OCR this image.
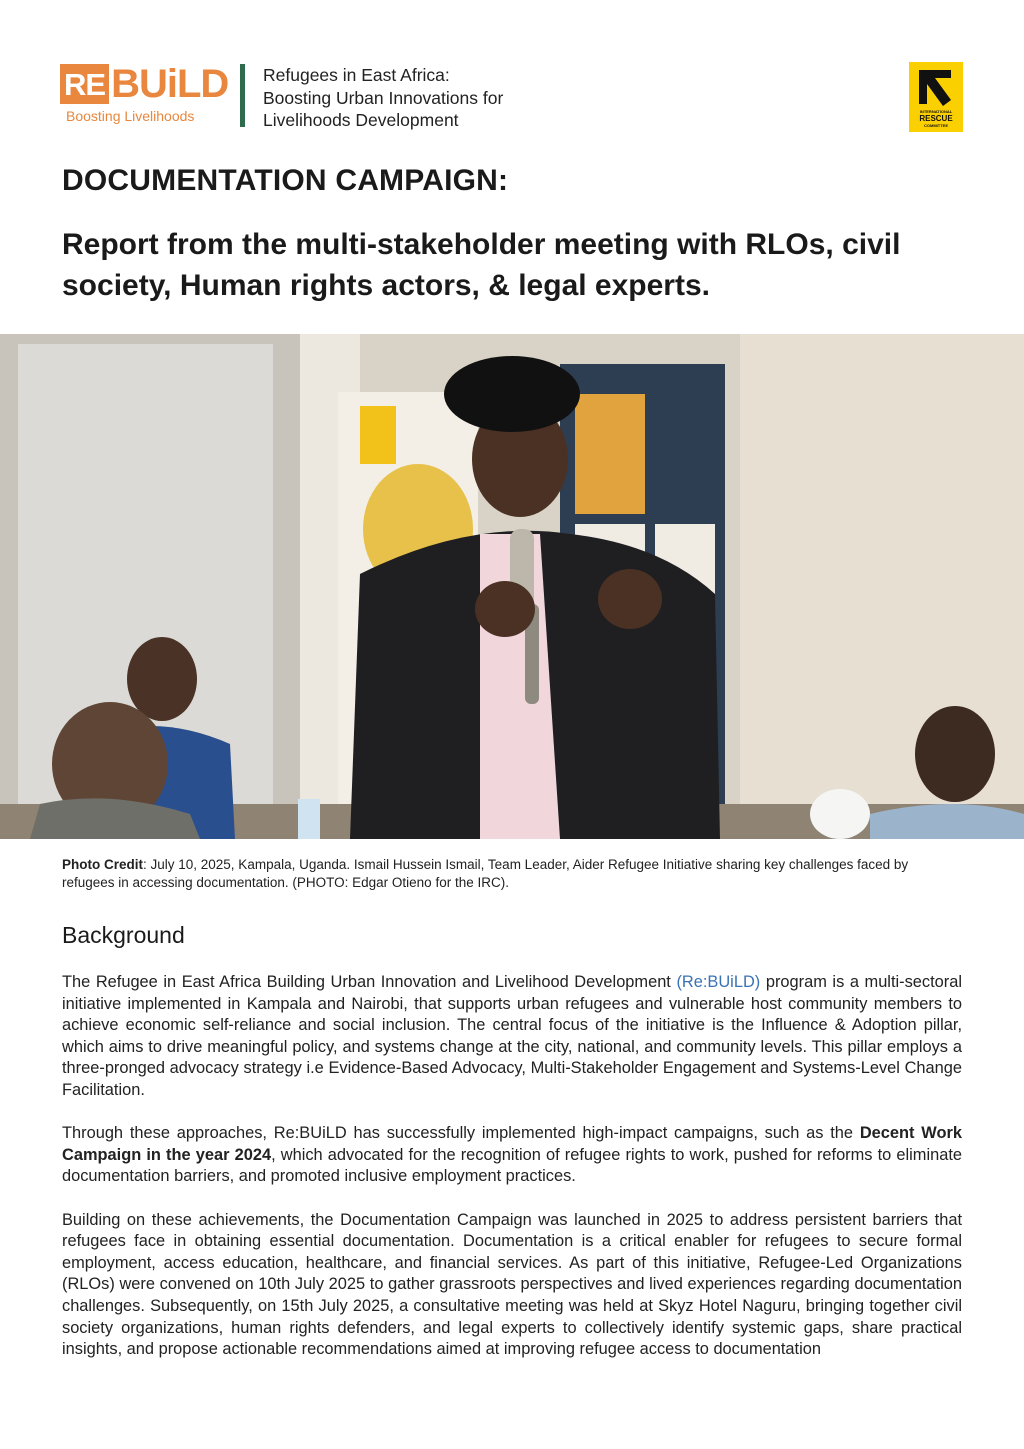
RE BUiLD
Boosting Livelihoods
Refugees in East Africa:
Boosting Urban Innovations for
Livelihoods Development	INTERNATIONAL
RESCUE
COMMITTEE
DOCUMENTATION CAMPAIGN:
Report from the multi-stakeholder meeting with RLOs, civil society, Human rights actors, & legal experts.
Photo Credit: July 10, 2025, Kampala, Uganda. Ismail Hussein Ismail, Team Leader, Aider Refugee Initiative sharing key challenges faced by refugees in accessing documentation. (PHOTO: Edgar Otieno for the IRC).
Background

The Refugee in East Africa Building Urban Innovation and Livelihood Development (Re:BUiLD) program is a multi-sectoral initiative implemented in Kampala and Nairobi, that supports urban refugees and vulnerable host community members to achieve economic self-reliance and social inclusion. The central focus of the initiative is the Influence & Adoption pillar, which aims to drive meaningful policy, and systems change at the city, national, and community levels. This pillar employs a three-pronged advocacy strategy i.e Evidence-Based Advocacy, Multi-Stakeholder Engagement and Systems-Level Change Facilitation.

Through these approaches, Re:BUiLD has successfully implemented high-impact campaigns, such as the Decent Work Campaign in the year 2024, which advocated for the recognition of refugee rights to work, pushed for reforms to eliminate documentation barriers, and promoted inclusive employment practices.

Building on these achievements, the Documentation Campaign was launched in 2025 to address persistent barriers that refugees face in obtaining essential documentation. Documentation is a critical enabler for refugees to secure formal employment, access education, healthcare, and financial services. As part of this initiative, Refugee-Led Organizations (RLOs) were convened on 10th July 2025 to gather grassroots perspectives and lived experiences regarding documentation challenges. Subsequently, on 15th July 2025, a consultative meeting was held at Skyz Hotel Naguru, bringing together civil society organizations, human rights defenders, and legal experts to collectively identify systemic gaps, share practical insights, and propose actionable recommendations aimed at improving refugee access to documentation
